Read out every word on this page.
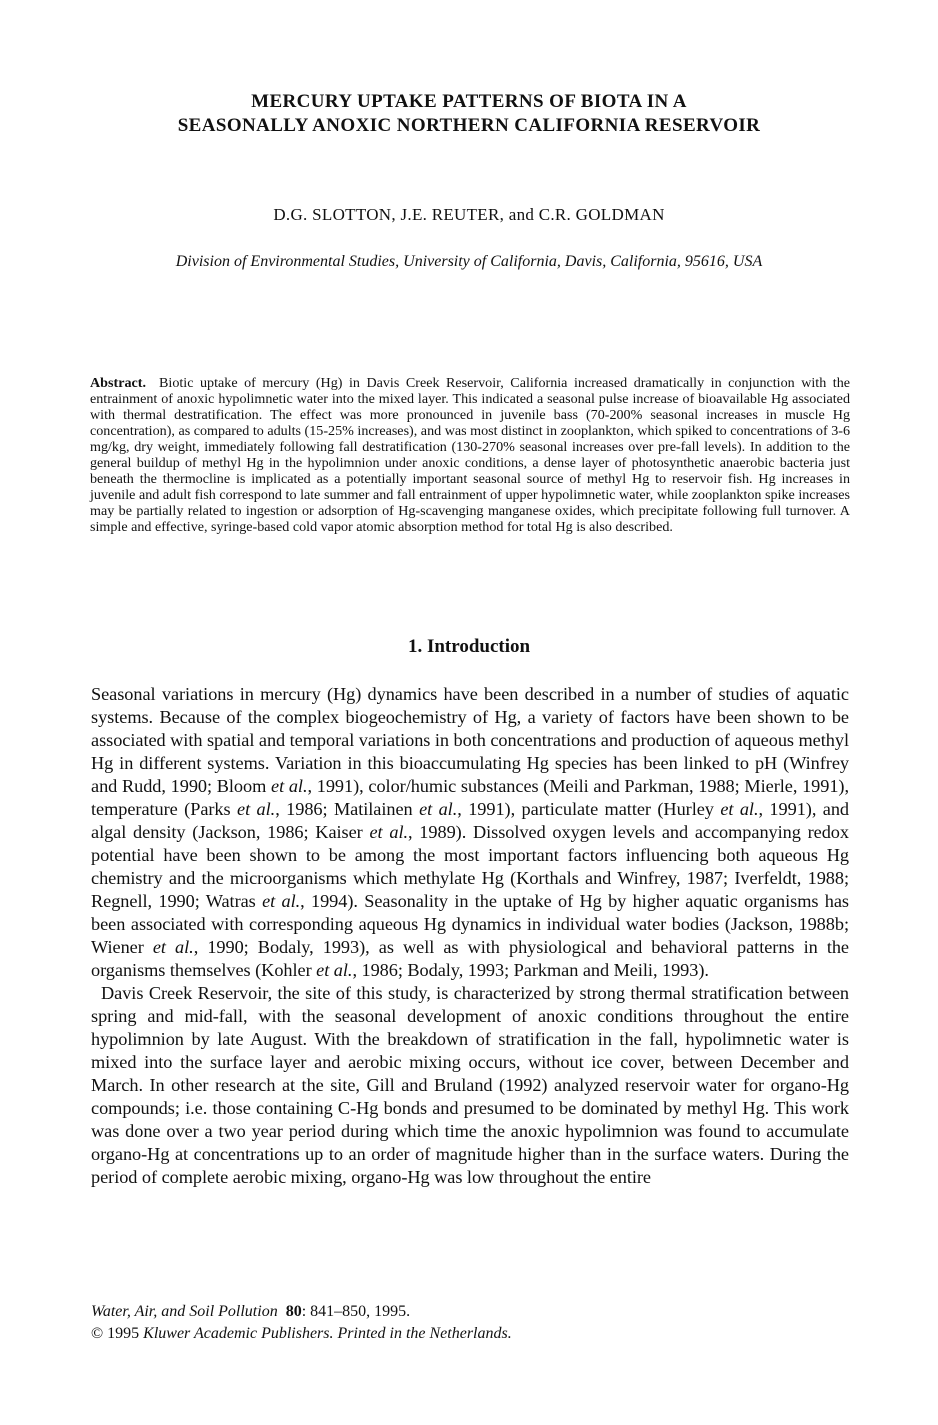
MERCURY UPTAKE PATTERNS OF BIOTA IN A
SEASONALLY ANOXIC NORTHERN CALIFORNIA RESERVOIR
D.G. SLOTTON, J.E. REUTER, and C.R. GOLDMAN
Division of Environmental Studies, University of California, Davis, California, 95616, USA
Abstract. Biotic uptake of mercury (Hg) in Davis Creek Reservoir, California increased dramatically in conjunction with the entrainment of anoxic hypolimnetic water into the mixed layer. This indicated a seasonal pulse increase of bioavailable Hg associated with thermal destratification. The effect was more pronounced in juvenile bass (70-200% seasonal increases in muscle Hg concentration), as compared to adults (15-25% increases), and was most distinct in zooplankton, which spiked to concentrations of 3-6 mg/kg, dry weight, immediately following fall destratification (130-270% seasonal increases over pre-fall levels). In addition to the general buildup of methyl Hg in the hypolimnion under anoxic conditions, a dense layer of photosynthetic anaerobic bacteria just beneath the thermocline is implicated as a potentially important seasonal source of methyl Hg to reservoir fish. Hg increases in juvenile and adult fish correspond to late summer and fall entrainment of upper hypolimnetic water, while zooplankton spike increases may be partially related to ingestion or adsorption of Hg-scavenging manganese oxides, which precipitate following full turnover. A simple and effective, syringe-based cold vapor atomic absorption method for total Hg is also described.
1. Introduction

Seasonal variations in mercury (Hg) dynamics have been described in a number of studies of aquatic systems. Because of the complex biogeochemistry of Hg, a variety of factors have been shown to be associated with spatial and temporal variations in both concentrations and production of aqueous methyl Hg in different systems. Variation in this bioaccumulating Hg species has been linked to pH (Winfrey and Rudd, 1990; Bloom et al., 1991), color/humic substances (Meili and Parkman, 1988; Mierle, 1991), temperature (Parks et al., 1986; Matilainen et al., 1991), particulate matter (Hurley et al., 1991), and algal density (Jackson, 1986; Kaiser et al., 1989). Dissolved oxygen levels and accompanying redox potential have been shown to be among the most important factors influencing both aqueous Hg chemistry and the microorganisms which methylate Hg (Korthals and Winfrey, 1987; Iverfeldt, 1988; Regnell, 1990; Watras et al., 1994). Seasonality in the uptake of Hg by higher aquatic organisms has been associated with corresponding aqueous Hg dynamics in individual water bodies (Jackson, 1988b; Wiener et al., 1990; Bodaly, 1993), as well as with physiological and behavioral patterns in the organisms themselves (Kohler et al., 1986; Bodaly, 1993; Parkman and Meili, 1993).

Davis Creek Reservoir, the site of this study, is characterized by strong thermal stratification between spring and mid-fall, with the seasonal development of anoxic conditions throughout the entire hypolimnion by late August. With the breakdown of stratification in the fall, hypolimnetic water is mixed into the surface layer and aerobic mixing occurs, without ice cover, between December and March. In other research at the site, Gill and Bruland (1992) analyzed reservoir water for organo-Hg compounds; i.e. those containing C-Hg bonds and presumed to be dominated by methyl Hg. This work was done over a two year period during which time the anoxic hypolimnion was found to accumulate organo-Hg at concentrations up to an order of magnitude higher than in the surface waters. During the period of complete aerobic mixing, organo-Hg was low throughout the entire

Water, Air, and Soil Pollution 80: 841–850, 1995.
© 1995 Kluwer Academic Publishers. Printed in the Netherlands.
